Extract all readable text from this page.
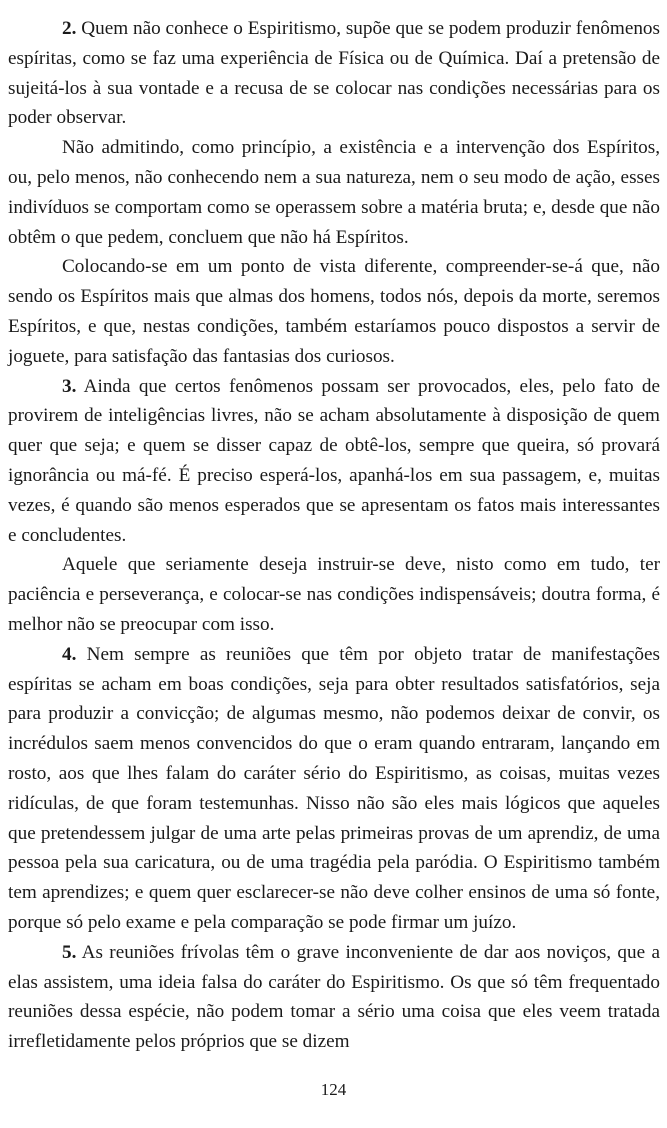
2. Quem não conhece o Espiritismo, supõe que se podem produzir fenômenos espíritas, como se faz uma experiência de Física ou de Química. Daí a pretensão de sujeitá-los à sua vontade e a recusa de se colocar nas condições necessárias para os poder observar.

Não admitindo, como princípio, a existência e a intervenção dos Espíritos, ou, pelo menos, não conhecendo nem a sua natureza, nem o seu modo de ação, esses indivíduos se comportam como se operassem sobre a matéria bruta; e, desde que não obtêm o que pedem, concluem que não há Espíritos.

Colocando-se em um ponto de vista diferente, compreender-se-á que, não sendo os Espíritos mais que almas dos homens, todos nós, depois da morte, seremos Espíritos, e que, nestas condições, também estaríamos pouco dispostos a servir de joguete, para satisfação das fantasias dos curiosos.

3. Ainda que certos fenômenos possam ser provocados, eles, pelo fato de provirem de inteligências livres, não se acham absolutamente à disposição de quem quer que seja; e quem se disser capaz de obtê-los, sempre que queira, só provará ignorância ou má-fé. É preciso esperá-los, apanhá-los em sua passagem, e, muitas vezes, é quando são menos esperados que se apresentam os fatos mais interessantes e concludentes.

Aquele que seriamente deseja instruir-se deve, nisto como em tudo, ter paciência e perseverança, e colocar-se nas condições indispensáveis; doutra forma, é melhor não se preocupar com isso.

4. Nem sempre as reuniões que têm por objeto tratar de manifestações espíritas se acham em boas condições, seja para obter resultados satisfatórios, seja para produzir a convicção; de algumas mesmo, não podemos deixar de convir, os incrédulos saem menos convencidos do que o eram quando entraram, lançando em rosto, aos que lhes falam do caráter sério do Espiritismo, as coisas, muitas vezes ridículas, de que foram testemunhas. Nisso não são eles mais lógicos que aqueles que pretendessem julgar de uma arte pelas primeiras provas de um aprendiz, de uma pessoa pela sua caricatura, ou de uma tragédia pela paródia. O Espiritismo também tem aprendizes; e quem quer esclarecer-se não deve colher ensinos de uma só fonte, porque só pelo exame e pela comparação se pode firmar um juízo.

5. As reuniões frívolas têm o grave inconveniente de dar aos noviços, que a elas assistem, uma ideia falsa do caráter do Espiritismo. Os que só têm frequentado reuniões dessa espécie, não podem tomar a sério uma coisa que eles veem tratada irrefletidamente pelos próprios que se dizem

124
